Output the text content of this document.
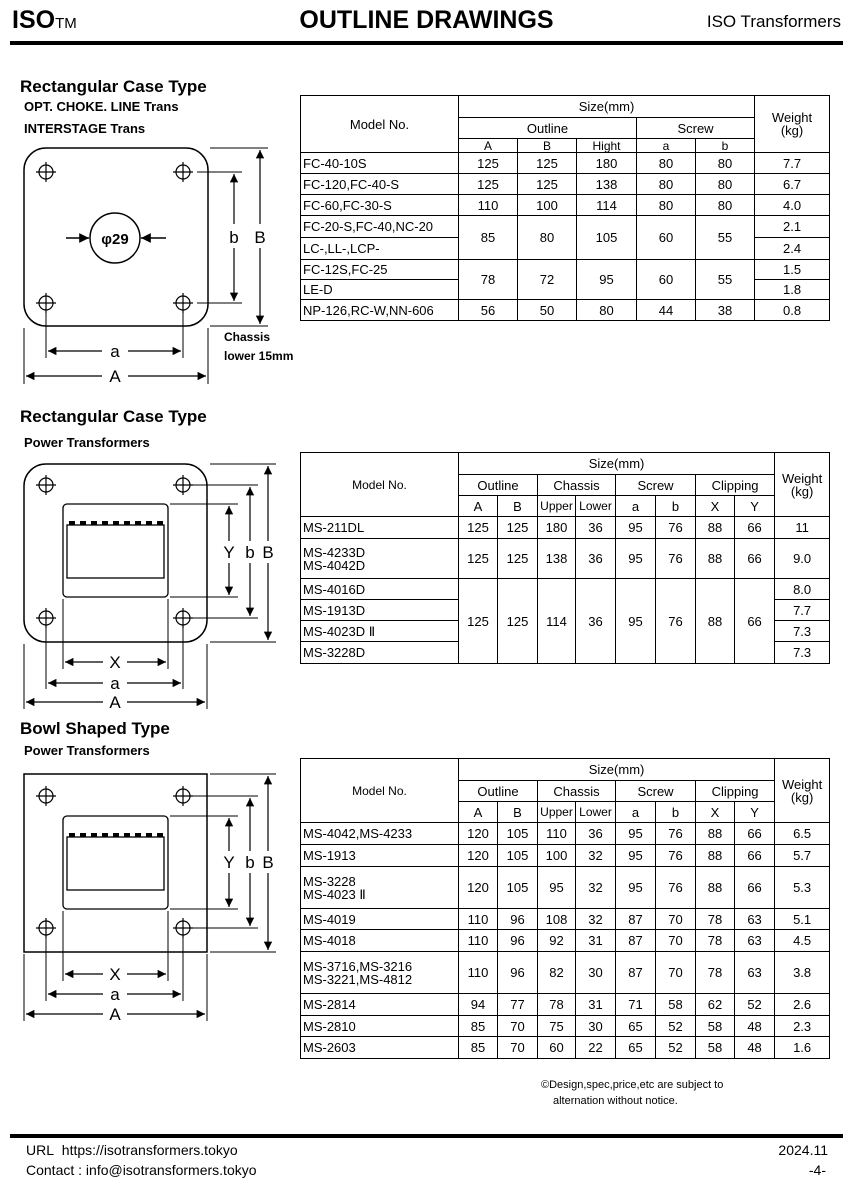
ISOTM	OUTLINE DRAWINGS	ISO Transformers
Rectangular Case Type
OPT. CHOKE. LINE Trans
INTERSTAGE Trans
φ29	b B
a
A
Chassis
lower 15mm
Model No.	Size(mm)					Weight
(kg)
	Outline			Screw		
	A	B	Hight	a	b	
FC-40-10S	125	125	180	80	80	7.7
FC-120,FC-40-S	125	125	138	80	80	6.7
FC-60,FC-30-S	110	100	114	80	80	4.0
FC-20-S,FC-40,NC-20	85	80	105	60	55	2.1
LC-,LL-,LCP-						2.4
FC-12S,FC-25	78	72	95	60	55	1.5
LE-D						1.8
NP-126,RC-W,NN-606	56	50	80	44	38	0.8
Rectangular Case Type
Power Transformers
Y b B
X
a
A
Model No.	Size(mm)								Weight
(kg)
	Outline		Chassis		Screw		Clipping		
	A	B	Upper	Lower	a	b	X	Y	
MS-211DL	125	125	180	36	95	76	88	66	11
MS-4233D
MS-4042D	125	125	138	36	95	76	88	66	9.0
MS-4016D	125	125	114	36	95	76	88	66	8.0
MS-1913D									7.7
MS-4023D Ⅱ									7.3
MS-3228D									7.3
Bowl Shaped Type
Power Transformers
Y b B
X
a
A
Model No.	Size(mm)								Weight
(kg)
	Outline		Chassis		Screw		Clipping		
	A	B	Upper	Lower	a	b	X	Y	
MS-4042,MS-4233	120	105	110	36	95	76	88	66	6.5
MS-1913	120	105	100	32	95	76	88	66	5.7
MS-3228
MS-4023 Ⅱ	120	105	95	32	95	76	88	66	5.3
MS-4019	110	96	108	32	87	70	78	63	5.1
MS-4018	110	96	92	31	87	70	78	63	4.5
MS-3716,MS-3216
MS-3221,MS-4812	110	96	82	30	87	70	78	63	3.8
MS-2814	94	77	78	31	71	58	62	52	2.6
MS-2810	85	70	75	30	65	52	58	48	2.3
MS-2603	85	70	60	22	65	52	58	48	1.6
©Design,spec,price,etc are subject to
alternation without notice.
URL https://isotransformers.tokyo
Contact : info@isotransformers.tokyo
2024.11
-4-
